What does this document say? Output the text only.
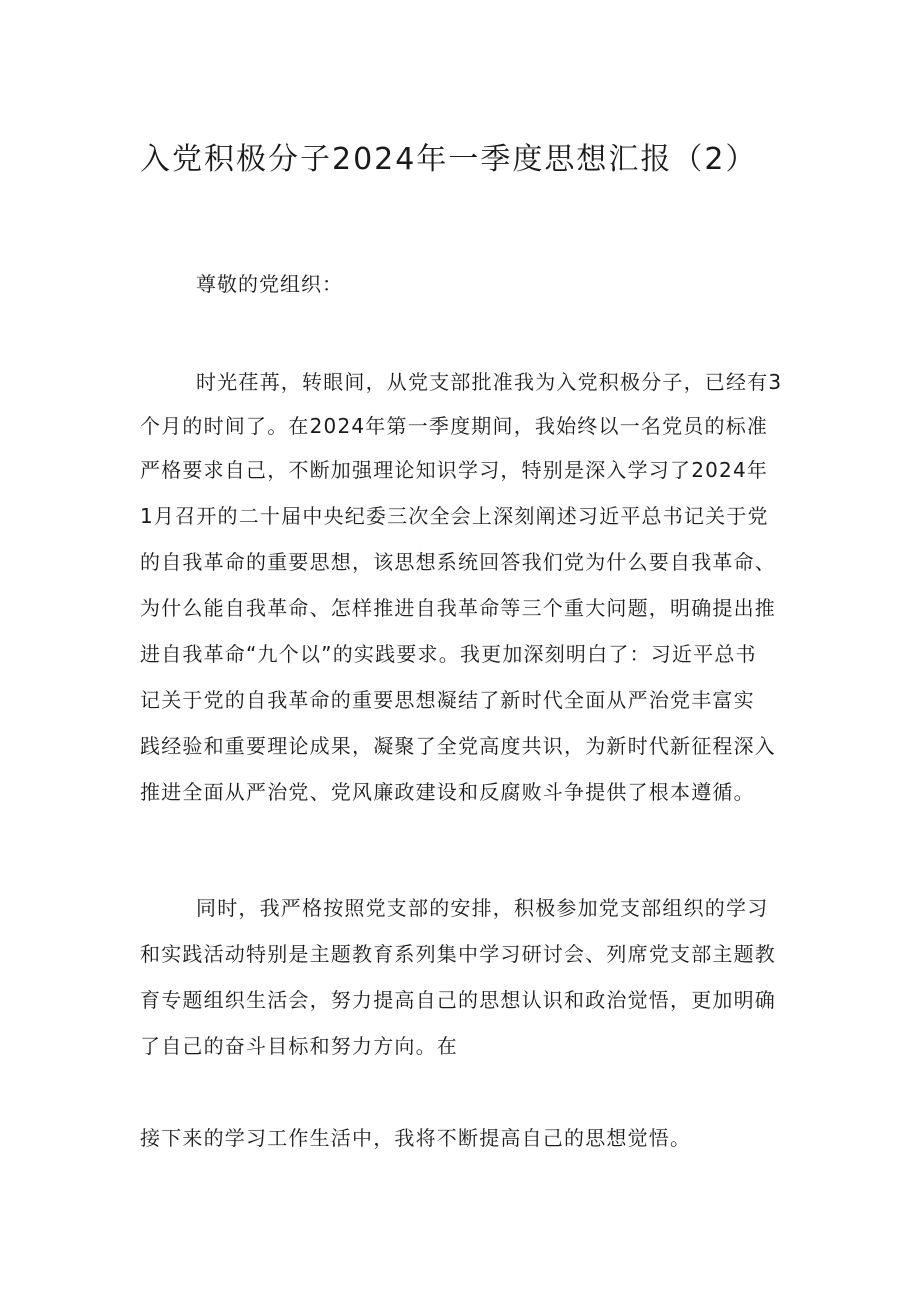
入党积极分子2024年一季度思想汇报（2）
尊敬的党组织：
时光荏苒，转眼间，从党支部批准我为入党积极分子，已经有3
个月的时间了。在2024年第一季度期间，我始终以一名党员的标准
严格要求自己，不断加强理论知识学习，特别是深入学习了2024年
1月召开的二十届中央纪委三次全会上深刻阐述习近平总书记关于党
的自我革命的重要思想，该思想系统回答我们党为什么要自我革命、
为什么能自我革命、怎样推进自我革命等三个重大问题，明确提出推
进自我革命“九个以”的实践要求。我更加深刻明白了：习近平总书
记关于党的自我革命的重要思想凝结了新时代全面从严治党丰富实
践经验和重要理论成果，凝聚了全党高度共识，为新时代新征程深入
推进全面从严治党、党风廉政建设和反腐败斗争提供了根本遵循。
同时，我严格按照党支部的安排，积极参加党支部组织的学习
和实践活动特别是主题教育系列集中学习研讨会、列席党支部主题教
育专题组织生活会，努力提高自己的思想认识和政治觉悟，更加明确
了自己的奋斗目标和努力方向。在
接下来的学习工作生活中，我将不断提高自己的思想觉悟。
